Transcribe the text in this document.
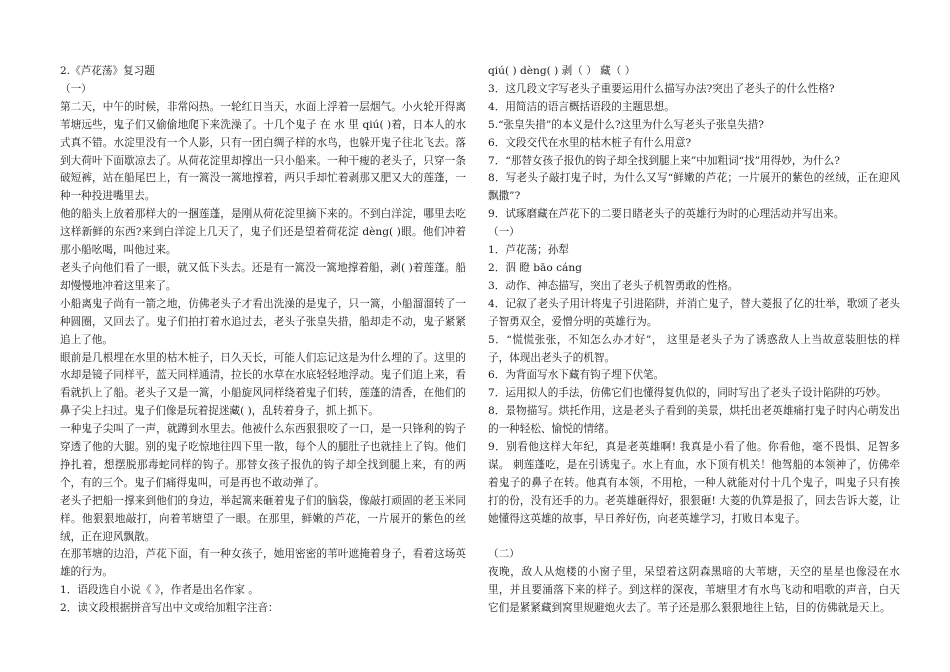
2.《芦花荡》复习题

（一）

第二天，中午的时候，非常闷热。一轮红日当天，水面上浮着一层烟气。小火轮开得离苇塘远些，鬼子们又偷偷地爬下来洗澡了。十几个鬼子 在 水 里 qiú( )着，日本人的水式真不错。水淀里没有一个人影，只有一团白绸子样的水鸟，也躲开鬼子往北飞去。落到大荷叶下面歇凉去了。从荷花淀里却撑出一只小船来。一种干瘦的老头子，只穿一条破短裤，站在船尾巴上，有一篙没一篙地撑着，两只手却忙着剥那又肥又大的莲蓬，一种一种投进嘴里去。

他的船头上放着那样大的一捆莲蓬，是刚从荷花淀里摘下来的。不到白洋淀，哪里去吃这样新鲜的东西?来到白洋淀上几天了，鬼子们还是望着荷花淀 dèng( )眼。他们冲着那小船吆喝，叫他过来。

老头子向他们看了一眼，就又低下头去。还是有一篙没一篙地撑着船，剥( )着莲蓬。船却慢慢地冲着这里来了。

小船离鬼子尚有一箭之地，仿佛老头子才看出洗澡的是鬼子，只一篙，小船溜溜转了一种圆圈，又回去了。鬼子们拍打着水追过去，老头子张皇失措，船却走不动，鬼子紧紧追上了他。

眼前是几根埋在水里的枯木桩子，日久天长，可能人们忘记这是为什么埋的了。这里的水却是镜子同样平，蓝天同样通清，拉长的水草在水底轻轻地浮动。鬼子们追上来，看看就扒上了船。老头子又是一篙，小船旋风同样绕着鬼子们转，莲蓬的清香，在他们的鼻子尖上扫过。鬼子们像是玩着捉迷藏( )，乱转着身子，抓上抓下。

一种鬼子尖叫了一声，就蹲到水里去。他被什么东西狠狠咬了一口，是一只锋利的钩子穿透了他的大腿。别的鬼子吃惊地往四下里一散，每个人的腿肚子也就挂上了钩。他们挣扎着，想摆脱那毒蛇同样的钩子。那替女孩子报仇的钩子却全找到腿上来，有的两个，有的三个。鬼子们痛得鬼叫，可是再也不敢动弹了。

老头子把船一撑来到他们的身边，举起篙来砸着鬼子们的脑袋，像敲打顽固的老玉米同样。他狠狠地敲打，向着苇塘望了一眼。在那里，鲜嫩的芦花，一片展开的紫色的丝绒，正在迎风飘散。

在那苇塘的边沿，芦花下面，有一种女孩子，她用密密的苇叶遮掩着身子，看着这场英雄的行为。

1．语段选自小说《 》，作者是出名作家 。

2．读文段根据拼音写出中文或给加粗字注音：

qiú( ) dèng( ) 剥（ ） 藏（ ）

3．这几段文字写老头子重要运用什么描写办法?突出了老头子的什么性格?

4．用简洁的语言概括语段的主题思想。

5.“张皇失措”的本义是什么?这里为什么写老头子张皇失措?

6．文段交代在水里的枯木桩子有什么用意?

7．“那替女孩子报仇的钩子却全找到腿上来”中加粗词“找”用得妙，为什么?

8．写老头子敲打鬼子时，为什么又写“鲜嫩的芦花；一片展开的紫色的丝绒，正在迎风飘撒”?

9．试琢磨藏在芦花下的二要日睹老头子的英雄行为时的心理活动并写出来。

（一）

1．芦花荡；孙犁

2．泅 瞪 bāo cáng

3．动作、神态描写，突出了老头子机智勇敢的性格。

4．记叙了老头子用计将鬼子引进陷阱，并消亡鬼子，替大菱报了亿的壮举，歌颂了老头子智勇双全，爱憎分明的英雄行为。

5．“慌慌张张，不知怎么办才好”， 这里是老头子为了诱惑敌人上当故意装胆怯的样子，体现出老头子的机智。

6．为背面写水下藏有钩子埋下伏笔。

7．运用拟人的手法，仿佛它们也懂得复仇似的，同时写出了老头子设计陷阱的巧妙。

8．景物描写。烘托作用，这是老头子看到的美景，烘托出老英雄痛打鬼子时内心萌发出的一种轻松、愉悦的情绪。

9．别看他这样大年纪，真是老英雄啊! 我真是小看了他。你看他，毫不畏惧、足智多谋。 刺莲蓬吃，是在引诱鬼子。水上有血，水下顶有机关！他驾船的本领神了，仿佛牵着鬼子的鼻子在转。他真有本领，不用枪，一种人就能对付十几个鬼子，叫鬼子只有挨打的份，没有还手的力。老英雄砸得好，狠狠砸! 大菱的仇算是报了，回去告诉大菱，让她懂得这英雄的故事，早日养好伤，向老英雄学习，打败日本鬼子。

（二）

夜晚，敌人从炮楼的小窗子里，呆望着这阴森黑暗的大苇塘，天空的星星也像浸在水里，并且要涌落下来的样子。到这样的深夜，苇塘里才有水鸟飞动和唱歌的声音，白天它们是紧紧藏到窝里规避炮火去了。苇子还是那么狠狠地往上钻，目的仿佛就是天上。
